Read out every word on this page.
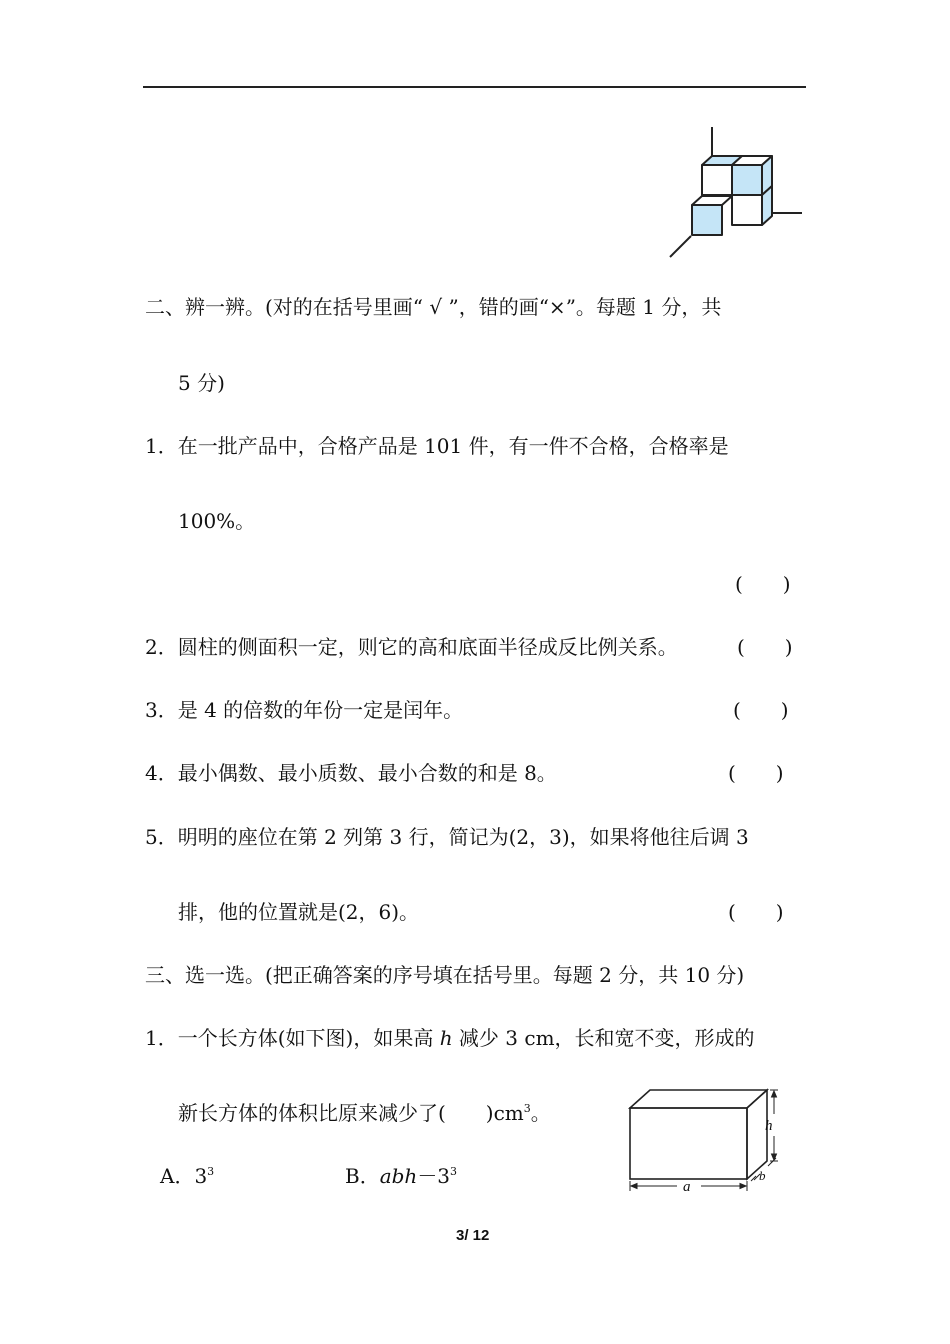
二、辨一辨。(对的在括号里画“ √ ”，错的画“×”。每题 1 分，共
5 分)
1．在一批产品中，合格产品是 101 件，有一件不合格，合格率是
100%。
(　　)
2．圆柱的侧面积一定，则它的高和底面半径成反比例关系。	(　　)
3．是 4 的倍数的年份一定是闰年。	(　　)
4．最小偶数、最小质数、最小合数的和是 8。	(　　)
5．明明的座位在第 2 列第 3 行，简记为(2，3)，如果将他往后调 3
排，他的位置就是(2，6)。	(　　)
三、选一选。(把正确答案的序号填在括号里。每题 2 分，共 10 分)
1．一个长方体(如下图)，如果高 h 减少 3 cm，长和宽不变，形成的
新长方体的体积比原来减少了(　　)$cm^3$。
A．$3^3$	B．$abh-3^3$
h
a
b
3/ 12
